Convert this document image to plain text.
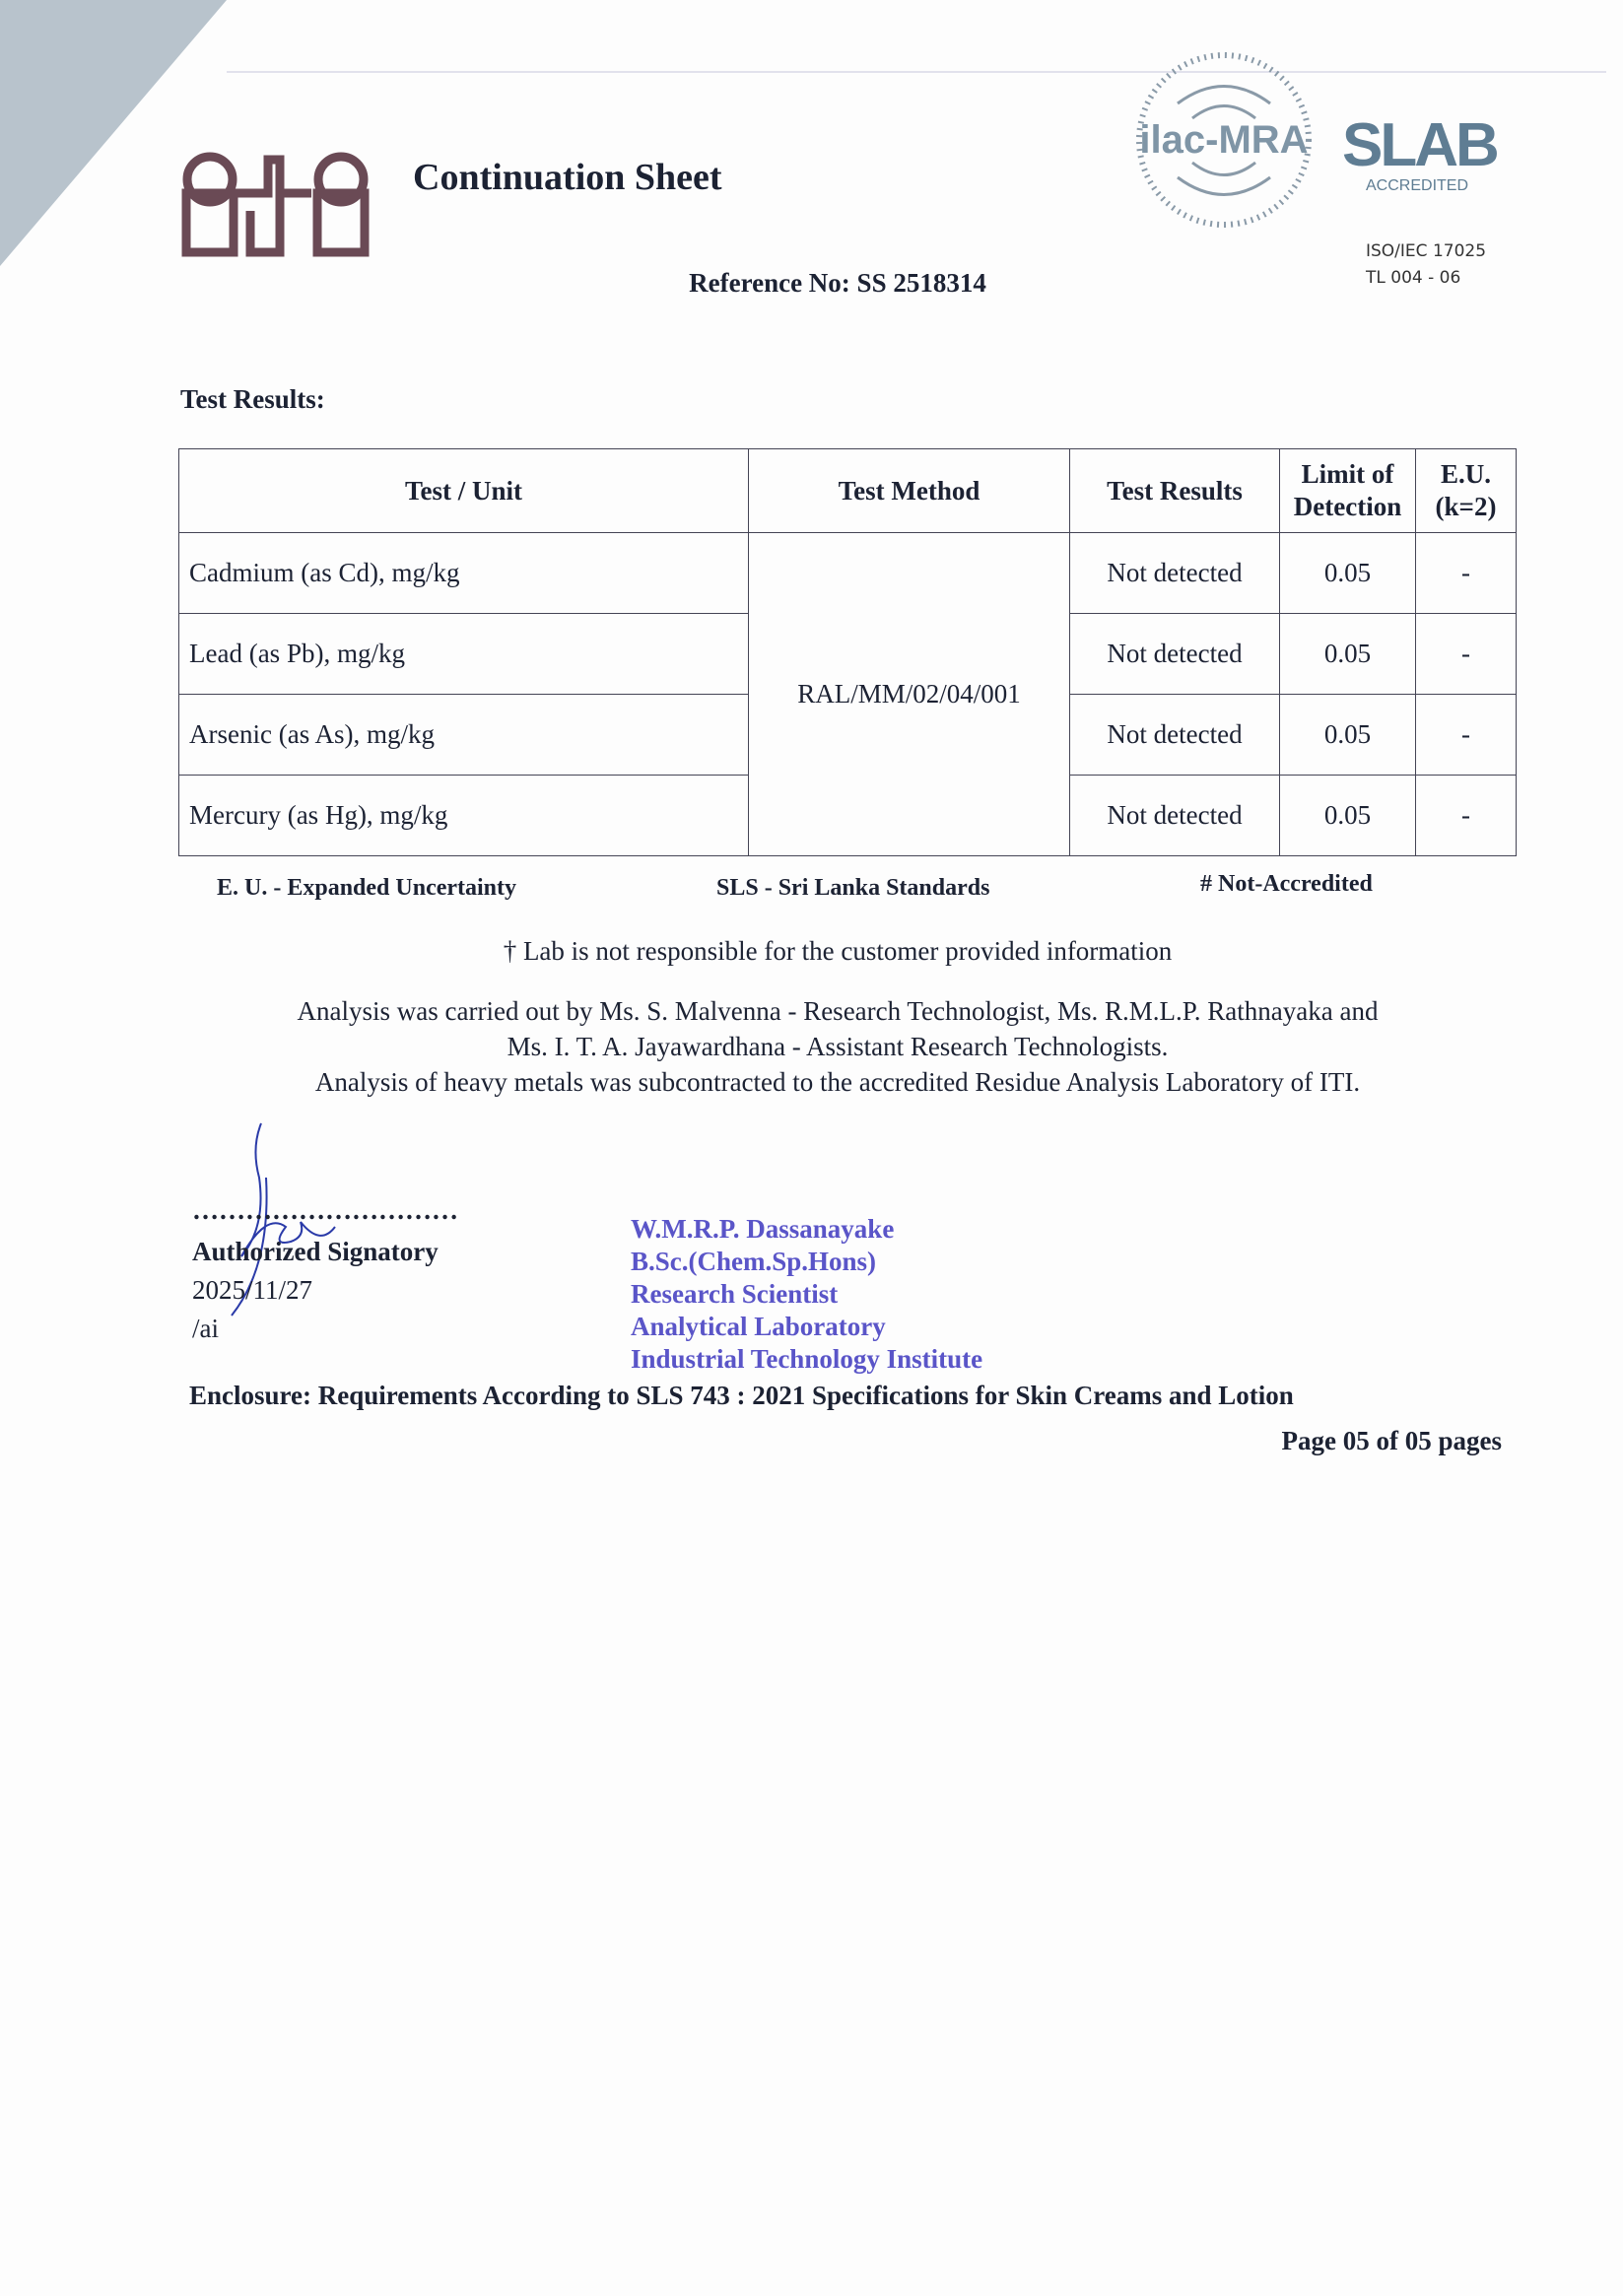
Continuation Sheet
Reference No: SS 2518314
ilac-MRA SLAB
ACCREDITED
ISO/IEC 17025
TL 004 - 06
Test Results:
Test / Unit	Test Method	Test Results	Limit of Detection	E.U. (k=2)
Cadmium (as Cd), mg/kg	RAL/MM/02/04/001	Not detected	0.05	-
Lead (as Pb), mg/kg		Not detected	0.05	-
Arsenic (as As), mg/kg		Not detected	0.05	-
Mercury (as Hg), mg/kg		Not detected	0.05	-
E. U. - Expanded Uncertainty	SLS - Sri Lanka Standards	# Not-Accredited
† Lab is not responsible for the customer provided information
Analysis was carried out by Ms. S. Malvenna - Research Technologist, Ms. R.M.L.P. Rathnayaka and
Ms. I. T. A. Jayawardhana - Assistant Research Technologists.
Analysis of heavy metals was subcontracted to the accredited Residue Analysis Laboratory of ITI.
…………………………
Authorized Signatory
2025/11/27
/ai
W.M.R.P. Dassanayake
B.Sc.(Chem.Sp.Hons)
Research Scientist
Analytical Laboratory
Industrial Technology Institute
Enclosure: Requirements According to SLS 743 : 2021 Specifications for Skin Creams and Lotion
Page 05 of 05 pages
